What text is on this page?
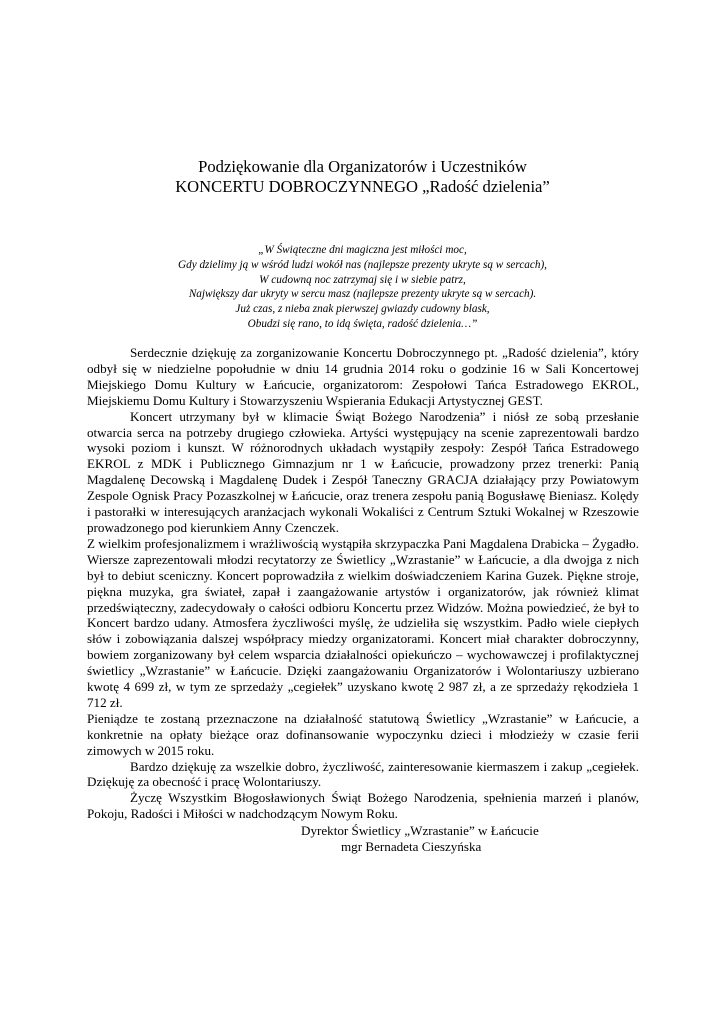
Podziękowanie dla Organizatorów i Uczestników
KONCERTU DOBROCZYNNEGO „Radość dzielenia”
„W Świąteczne dni magiczna jest miłości moc,
Gdy dzielimy ją w wśród ludzi wokół nas (najlepsze prezenty ukryte są w sercach),
W cudowną noc zatrzymaj się i w siebie patrz,
Największy dar ukryty w sercu masz (najlepsze prezenty ukryte są w sercach).
Już czas, z nieba znak pierwszej gwiazdy cudowny blask,
Obudzi się rano, to idą święta, radość dzielenia…”

Serdecznie dziękuję za zorganizowanie Koncertu Dobroczynnego pt. „Radość dzielenia”, który odbył się w niedzielne popołudnie w dniu 14 grudnia 2014 roku o godzinie 16 w Sali Koncertowej Miejskiego Domu Kultury w Łańcucie, organizatorom: Zespołowi Tańca Estradowego EKROL, Miejskiemu Domu Kultury i Stowarzyszeniu Wspierania Edukacji Artystycznej GEST.

Koncert utrzymany był w klimacie Świąt Bożego Narodzenia” i niósł ze sobą przesłanie otwarcia serca na potrzeby drugiego człowieka. Artyści występujący na scenie zaprezentowali bardzo wysoki poziom i kunszt. W różnorodnych układach wystąpiły zespoły: Zespół Tańca Estradowego EKROL z MDK i Publicznego Gimnazjum nr 1 w Łańcucie, prowadzony przez trenerki: Panią Magdalenę Decowską i Magdalenę Dudek i Zespół Taneczny GRACJA działający przy Powiatowym Zespole Ognisk Pracy Pozaszkolnej w Łańcucie, oraz trenera zespołu panią Bogusławę Bieniasz. Kolędy i pastorałki w interesujących aranżacjach wykonali Wokaliści z Centrum Sztuki Wokalnej w Rzeszowie prowadzonego pod kierunkiem Anny Czenczek.

Z wielkim profesjonalizmem i wrażliwością wystąpiła skrzypaczka Pani Magdalena Drabicka – Żygadło. Wiersze zaprezentowali młodzi recytatorzy ze Świetlicy „Wzrastanie” w Łańcucie, a dla dwojga z nich był to debiut sceniczny. Koncert poprowadziła z wielkim doświadczeniem Karina Guzek. Piękne stroje, piękna muzyka, gra świateł, zapał i zaangażowanie artystów i organizatorów, jak również klimat przedświąteczny, zadecydowały o całości odbioru Koncertu przez Widzów. Można powiedzieć, że był to Koncert bardzo udany. Atmosfera życzliwości myślę, że udzieliła się wszystkim. Padło wiele ciepłych słów i zobowiązania dalszej współpracy miedzy organizatorami. Koncert miał charakter dobroczynny, bowiem zorganizowany był celem wsparcia działalności opiekuńczo – wychowawczej i profilaktycznej świetlicy „Wzrastanie” w Łańcucie. Dzięki zaangażowaniu Organizatorów i Wolontariuszy uzbierano kwotę 4 699 zł, w tym ze sprzedaży „cegiełek” uzyskano kwotę 2 987 zł, a ze sprzedaży rękodzieła 1 712 zł.

Pieniądze te zostaną przeznaczone na działalność statutową Świetlicy „Wzrastanie” w Łańcucie, a konkretnie na opłaty bieżące oraz dofinansowanie wypoczynku dzieci i młodzieży w czasie ferii zimowych w 2015 roku.

Bardzo dziękuję za wszelkie dobro, życzliwość, zainteresowanie kiermaszem i zakup „cegiełek. Dziękuję za obecność i pracę Wolontariuszy.

Życzę Wszystkim Błogosławionych Świąt Bożego Narodzenia, spełnienia marzeń i planów, Pokoju, Radości i Miłości w nadchodzącym Nowym Roku.

Dyrektor Świetlicy „Wzrastanie” w Łańcucie
mgr Bernadeta Cieszyńska
